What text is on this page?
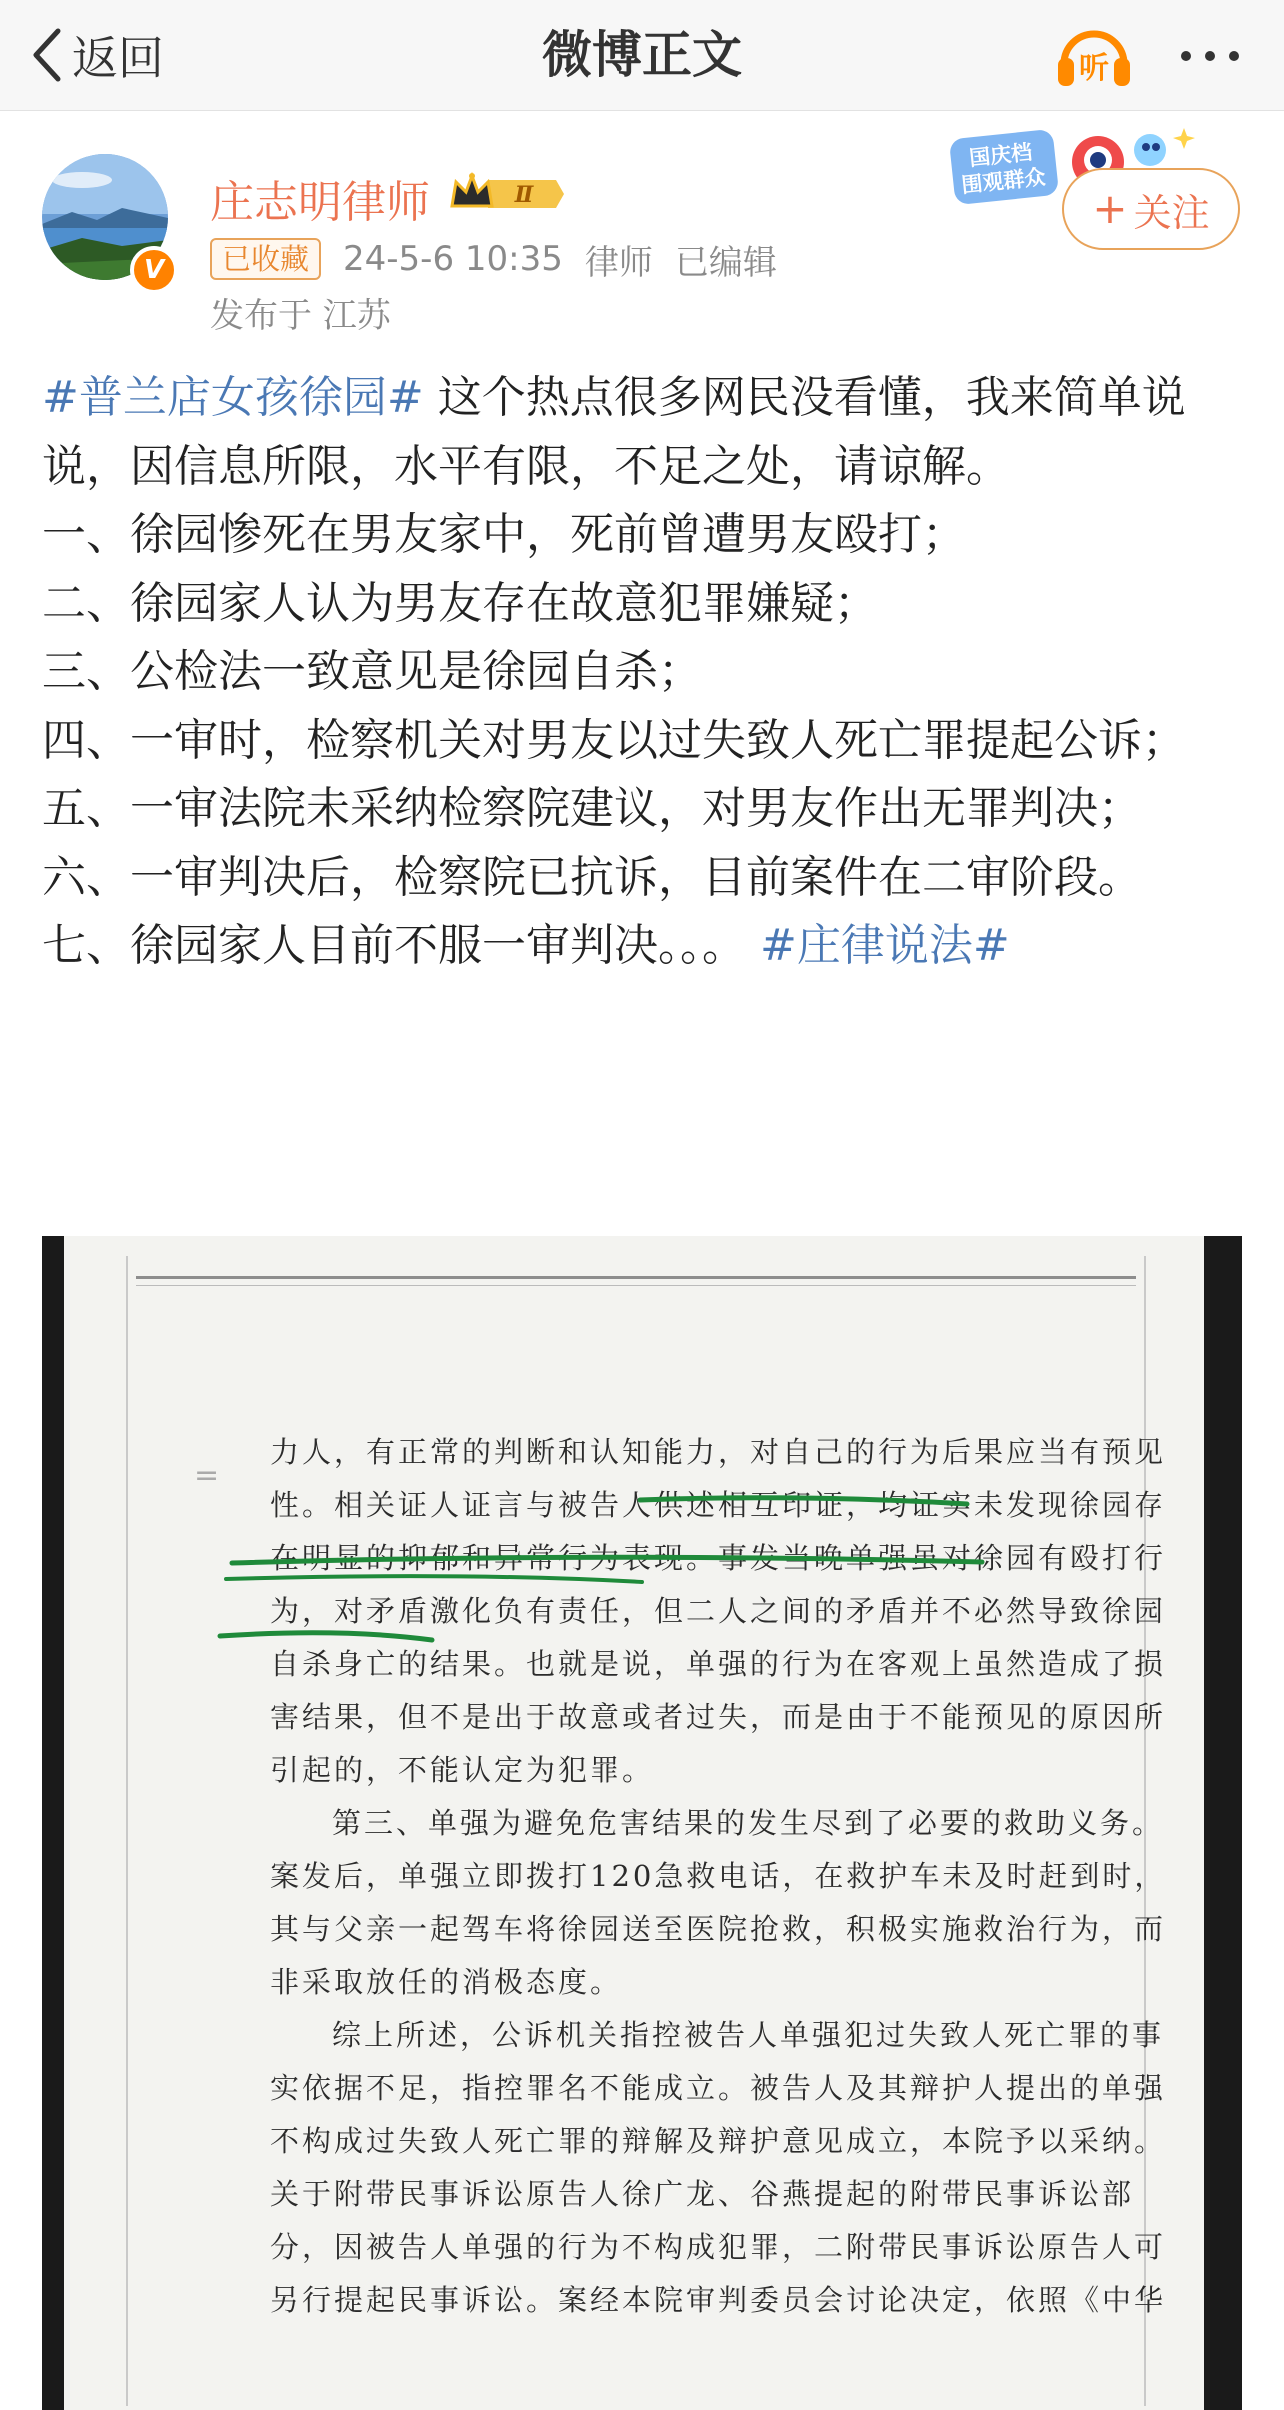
返回	微博正文	听
V
庄志明律师	Ⅱ
已收藏	24-5-6 10:35 律师 已编辑
发布于 江苏
国庆档
围观群众
+ 关注

#普兰店女孩徐园# 这个热点很多网民没看懂，我来简单说说，因信息所限，水平有限，不足之处，请谅解。

一、徐园惨死在男友家中，死前曾遭男友殴打；

二、徐园家人认为男友存在故意犯罪嫌疑；

三、公检法一致意见是徐园自杀；

四、一审时，检察机关对男友以过失致人死亡罪提起公诉；

五、一审法院未采纳检察院建议，对男友作出无罪判决；

六、一审判决后，检察院已抗诉，目前案件在二审阶段。

七、徐园家人目前不服一审判决。。。 #庄律说法#

=
力人，有正常的判断和认知能力，对自己的行为后果应当有预见
性。相关证人证言与被告人供述相互印证，均证实未发现徐园存
在明显的抑郁和异常行为表现。事发当晚单强虽对徐园有殴打行
为，对矛盾激化负有责任，但二人之间的矛盾并不必然导致徐园
自杀身亡的结果。也就是说，单强的行为在客观上虽然造成了损
害结果，但不是出于故意或者过失，而是由于不能预见的原因所
引起的，不能认定为犯罪。
第三、单强为避免危害结果的发生尽到了必要的救助义务。
案发后，单强立即拨打120急救电话，在救护车未及时赶到时，
其与父亲一起驾车将徐园送至医院抢救，积极实施救治行为，而
非采取放任的消极态度。
综上所述，公诉机关指控被告人单强犯过失致人死亡罪的事
实依据不足，指控罪名不能成立。被告人及其辩护人提出的单强
不构成过失致人死亡罪的辩解及辩护意见成立，本院予以采纳。
关于附带民事诉讼原告人徐广龙、谷燕提起的附带民事诉讼部
分，因被告人单强的行为不构成犯罪，二附带民事诉讼原告人可
另行提起民事诉讼。案经本院审判委员会讨论决定，依照《中华
